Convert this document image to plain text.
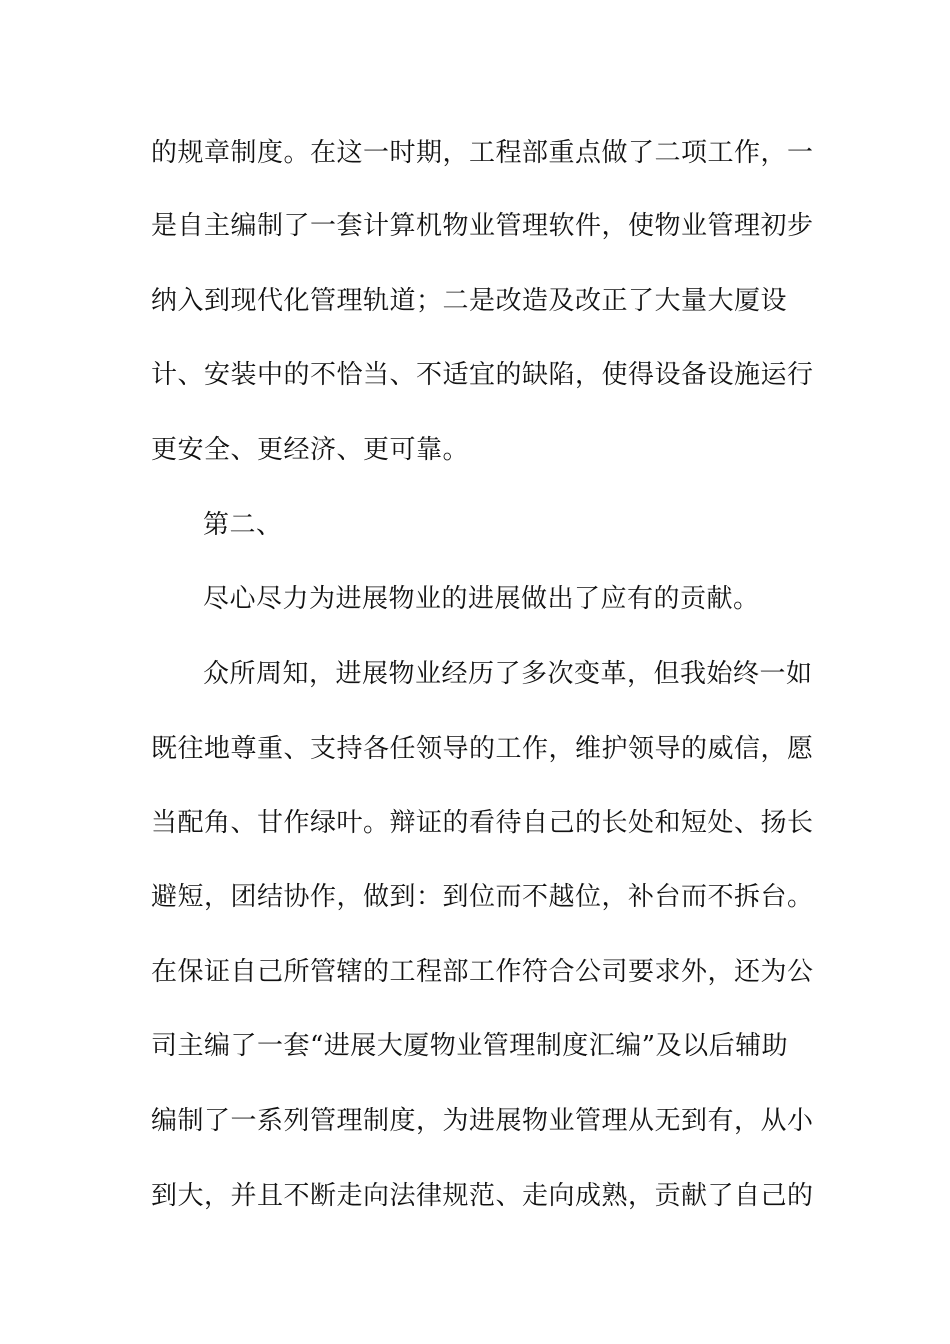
的规章制度。在这一时期，工程部重点做了二项工作，一
是自主编制了一套计算机物业管理软件，使物业管理初步
纳入到现代化管理轨道；二是改造及改正了大量大厦设
计、安装中的不恰当、不适宜的缺陷，使得设备设施运行
更安全、更经济、更可靠。
第二、
尽心尽力为进展物业的进展做出了应有的贡献。
众所周知，进展物业经历了多次变革，但我始终一如
既往地尊重、支持各任领导的工作，维护领导的威信，愿
当配角、甘作绿叶。辩证的看待自己的长处和短处、扬长
避短，团结协作，做到：到位而不越位，补台而不拆台。
在保证自己所管辖的工程部工作符合公司要求外，还为公
司主编了一套“进展大厦物业管理制度汇编”及以后辅助
编制了一系列管理制度，为进展物业管理从无到有，从小
到大，并且不断走向法律规范、走向成熟，贡献了自己的
